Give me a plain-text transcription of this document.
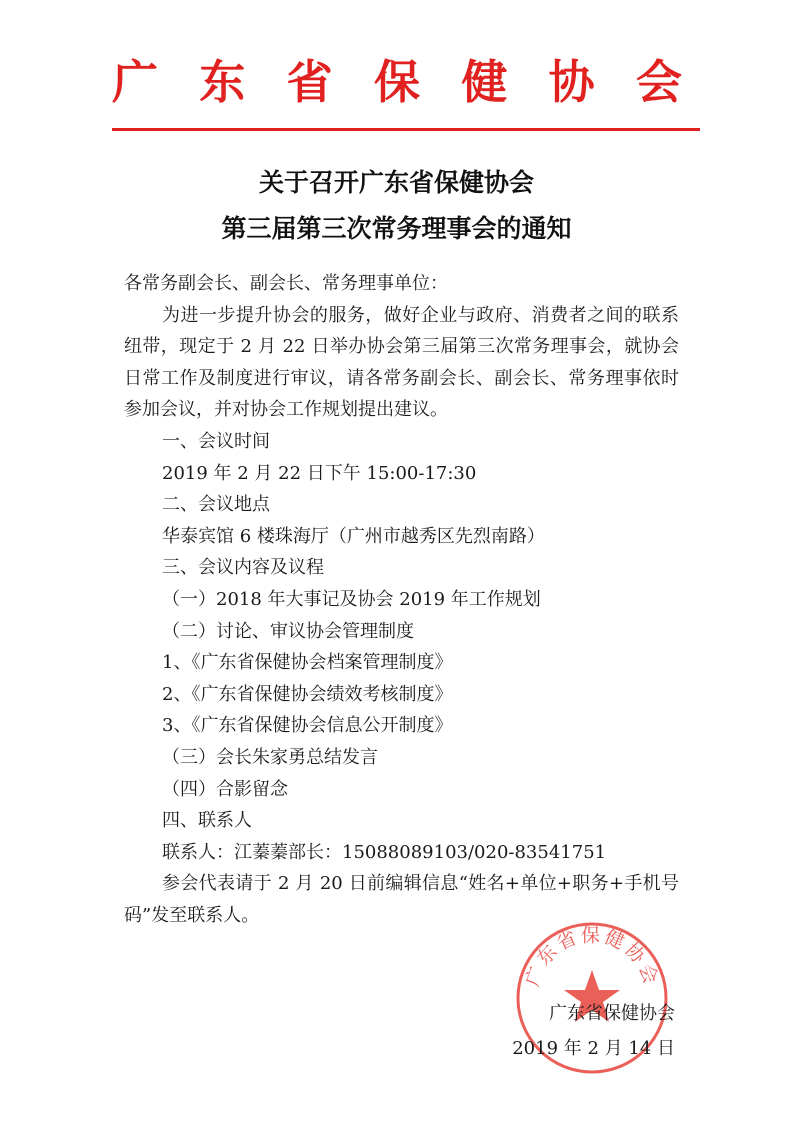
广 东 省 保 健 协 会
关于召开广东省保健协会
第三届第三次常务理事会的通知
各常务副会长、副会长、常务理事单位：
为进一步提升协会的服务，做好企业与政府、消费者之间的联系纽带，现定于 2 月 22 日举办协会第三届第三次常务理事会，就协会日常工作及制度进行审议，请各常务副会长、副会长、常务理事依时参加会议，并对协会工作规划提出建议。
一、会议时间
2019 年 2 月 22 日下午 15:00-17:30
二、会议地点
华泰宾馆 6 楼珠海厅（广州市越秀区先烈南路）
三、会议内容及议程
（一）2018 年大事记及协会 2019 年工作规划
（二）讨论、审议协会管理制度
1、《广东省保健协会档案管理制度》
2、《广东省保健协会绩效考核制度》
3、《广东省保健协会信息公开制度》
（三）会长朱家勇总结发言
（四）合影留念
四、联系人
联系人：江蓁蓁部长：15088089103/020-83541751
参会代表请于 2 月 20 日前编辑信息“姓名+单位+职务+手机号码”发至联系人。
广东省保健协会
广东省保健协会
2019 年 2 月 14 日
